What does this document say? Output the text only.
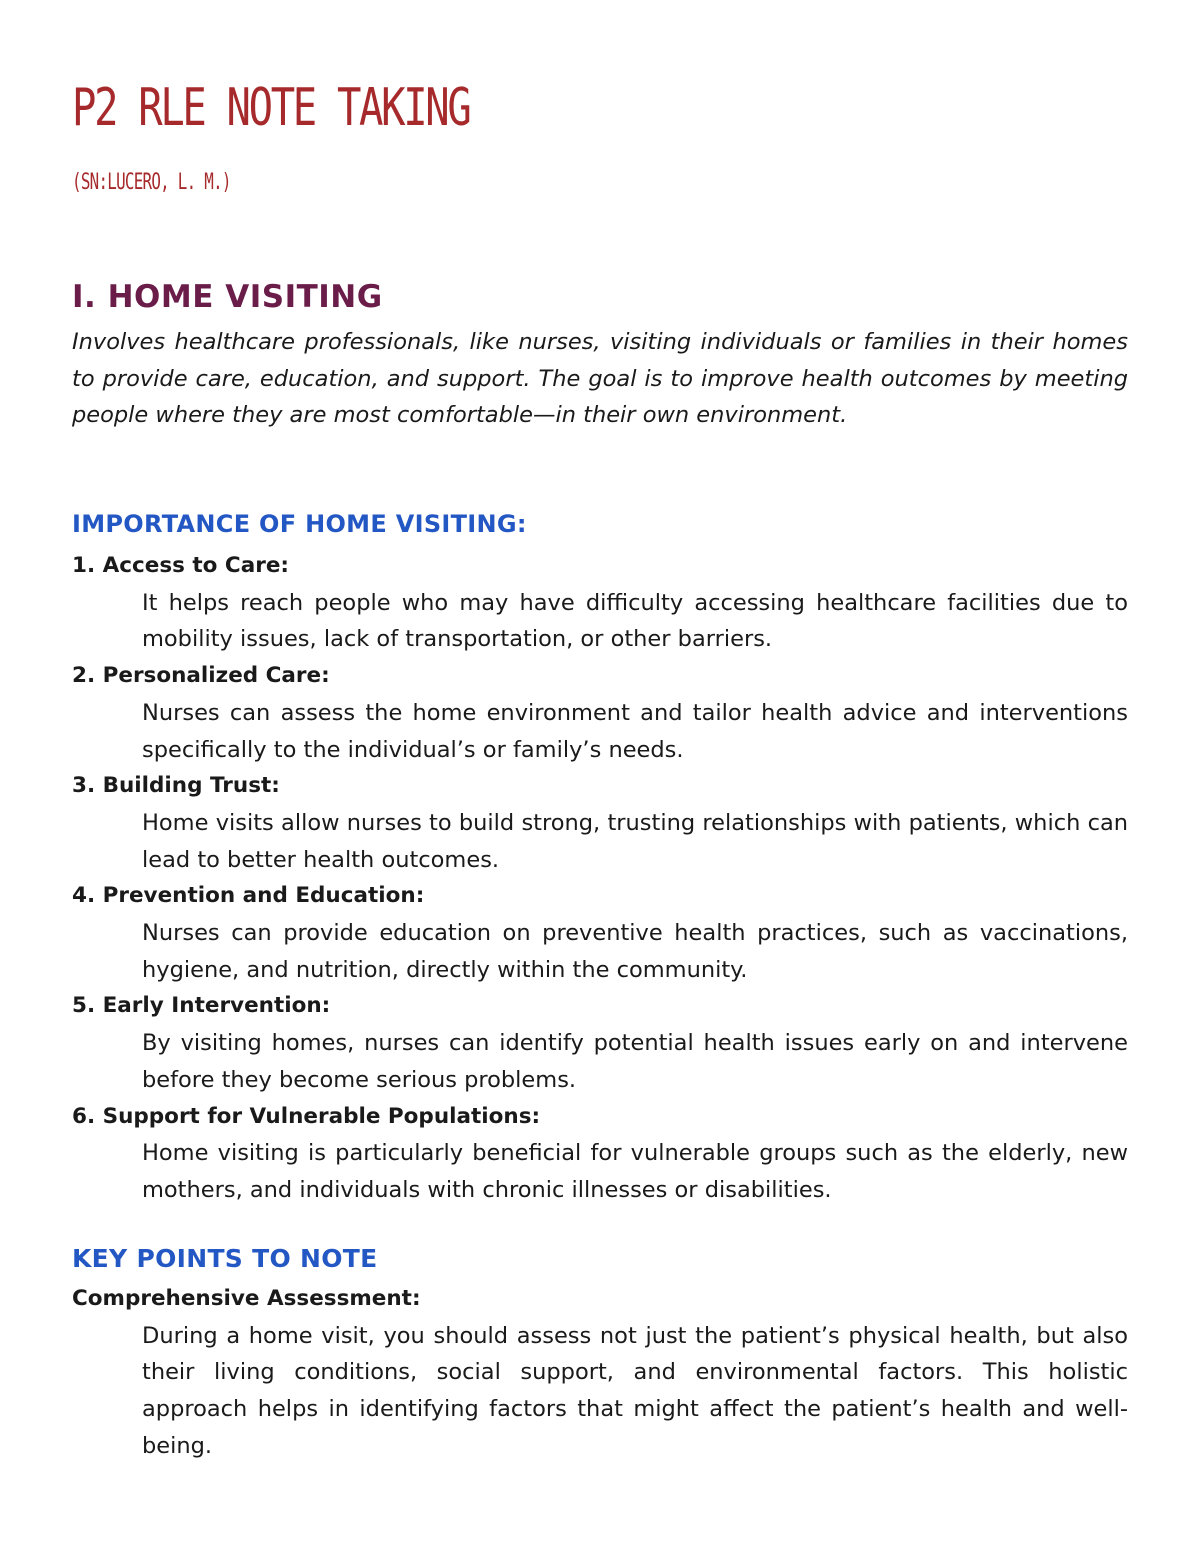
P2 RLE NOTE TAKING
(SN:LUCERO, L. M.)
I. HOME VISITING
Involves healthcare professionals, like nurses, visiting individuals or families in their homes to provide care, education, and support. The goal is to improve health outcomes by meeting people where they are most comfortable—in their own environment.
IMPORTANCE OF HOME VISITING:
1. Access to Care:
It helps reach people who may have difficulty accessing healthcare facilities due to mobility issues, lack of transportation, or other barriers.
2. Personalized Care:
Nurses can assess the home environment and tailor health advice and interventions specifically to the individual’s or family’s needs.
3. Building Trust:
Home visits allow nurses to build strong, trusting relationships with patients, which can lead to better health outcomes.
4. Prevention and Education:
Nurses can provide education on preventive health practices, such as vaccinations, hygiene, and nutrition, directly within the community.
5. Early Intervention:
By visiting homes, nurses can identify potential health issues early on and intervene before they become serious problems.
6. Support for Vulnerable Populations:
Home visiting is particularly beneficial for vulnerable groups such as the elderly, new mothers, and individuals with chronic illnesses or disabilities.
KEY POINTS TO NOTE
Comprehensive Assessment:
During a home visit, you should assess not just the patient’s physical health, but also their living conditions, social support, and environmental factors. This holistic approach helps in identifying factors that might affect the patient’s health and well-being.
